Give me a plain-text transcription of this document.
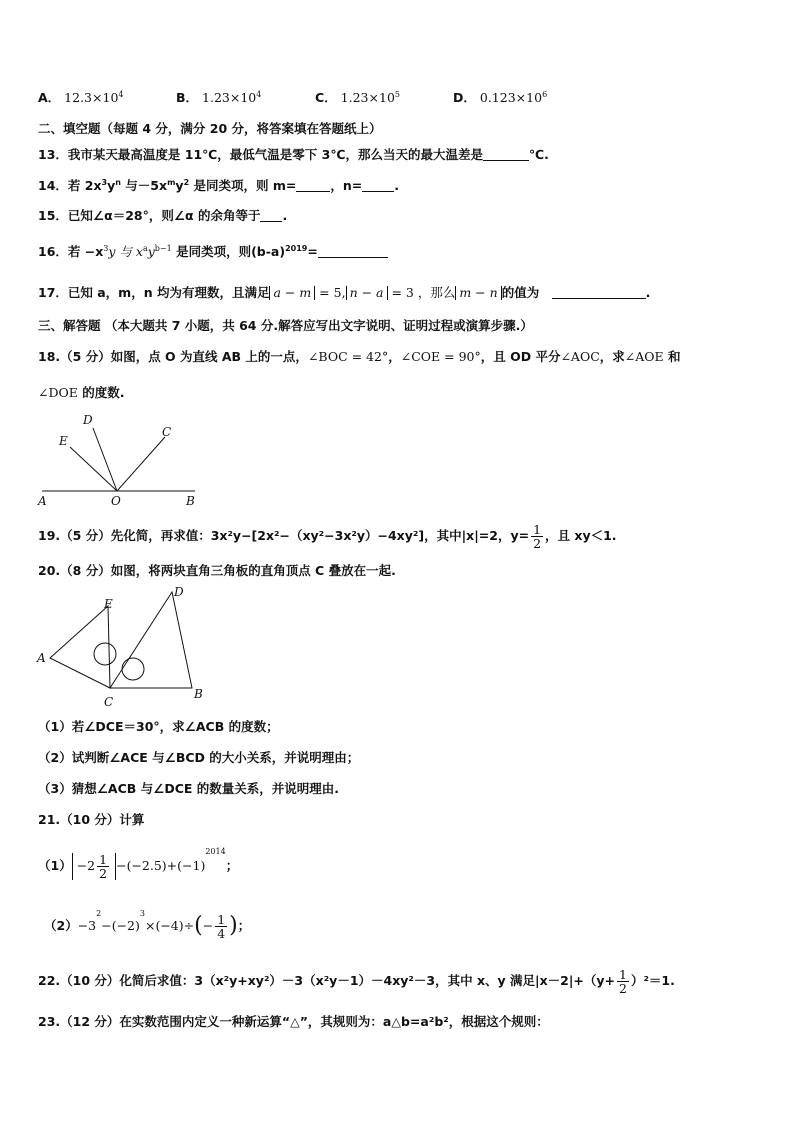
A． $12.3\times 10^4$	B． $1.23\times 10^4$	C． $1.23\times 10^5$	D． $0.123\times 10^6$
二、填空题（每题 4 分，满分 20 分，将答案填在答题纸上）
13．我市某天最高温度是 11℃，最低气温是零下 3℃，那么当天的最大温差是	℃.
14．若 $2x^3y^n$ 与$-5x^my^2$ 是同类项，则 m=	，n=	.
15．已知∠α＝28°，则∠α 的余角等于 .
16．若 $-x^3y$ 与 $x^ay^{b-1}$ 是同类项，则$(b-a)^{2019}=$
17．已知 a，m，n 均为有理数，且满足 a − m = 5, n − a = 3 ，那么 m − n 的值为	.
三、解答题 （本大题共 7 小题，共 64 分.解答应写出文字说明、证明过程或演算步骤.）
18.（5 分）如图，点 O 为直线 AB 上的一点，∠BOC = 42°，∠COE = 90°，且 OD 平分∠AOC，求∠AOE 和
∠DOE 的度数.
A	O	B
C
D
E
19.（5 分）先化简，再求值：3x²y−[2x²−（xy²−3x²y）−4xy²]，其中|x|=2，$y= \frac{1}{2}$ ，且 xy＜1.
20.（8 分）如图，将两块直角三角板的直角顶点 C 叠放在一起.
A
E
D
C
B
（1）若∠DCE＝30°，求∠ACB 的度数；
（2）试判断∠ACE 与∠BCD 的大小关系，并说明理由；
（3）猜想∠ACB 与∠DCE 的数量关系，并说明理由.
21.（10 分）计算
$(1) -2 \frac{1}{2} -(-2.5)+(-1)$
2014
；
（2） −3
2
−(−2)
3
×(−4)÷ ( − $\frac{1}{4}$ ) ；
22.（10 分）化简后求值：3（x²y+xy²）－3（x²y－1）－4xy²－3，其中 x、y 满足$|x-2|+(y+ \frac{1}{2} )^2=1$.
23.（12 分）在实数范围内定义一种新运算“△”，其规则为：a△b=a²b²，根据这个规则：
